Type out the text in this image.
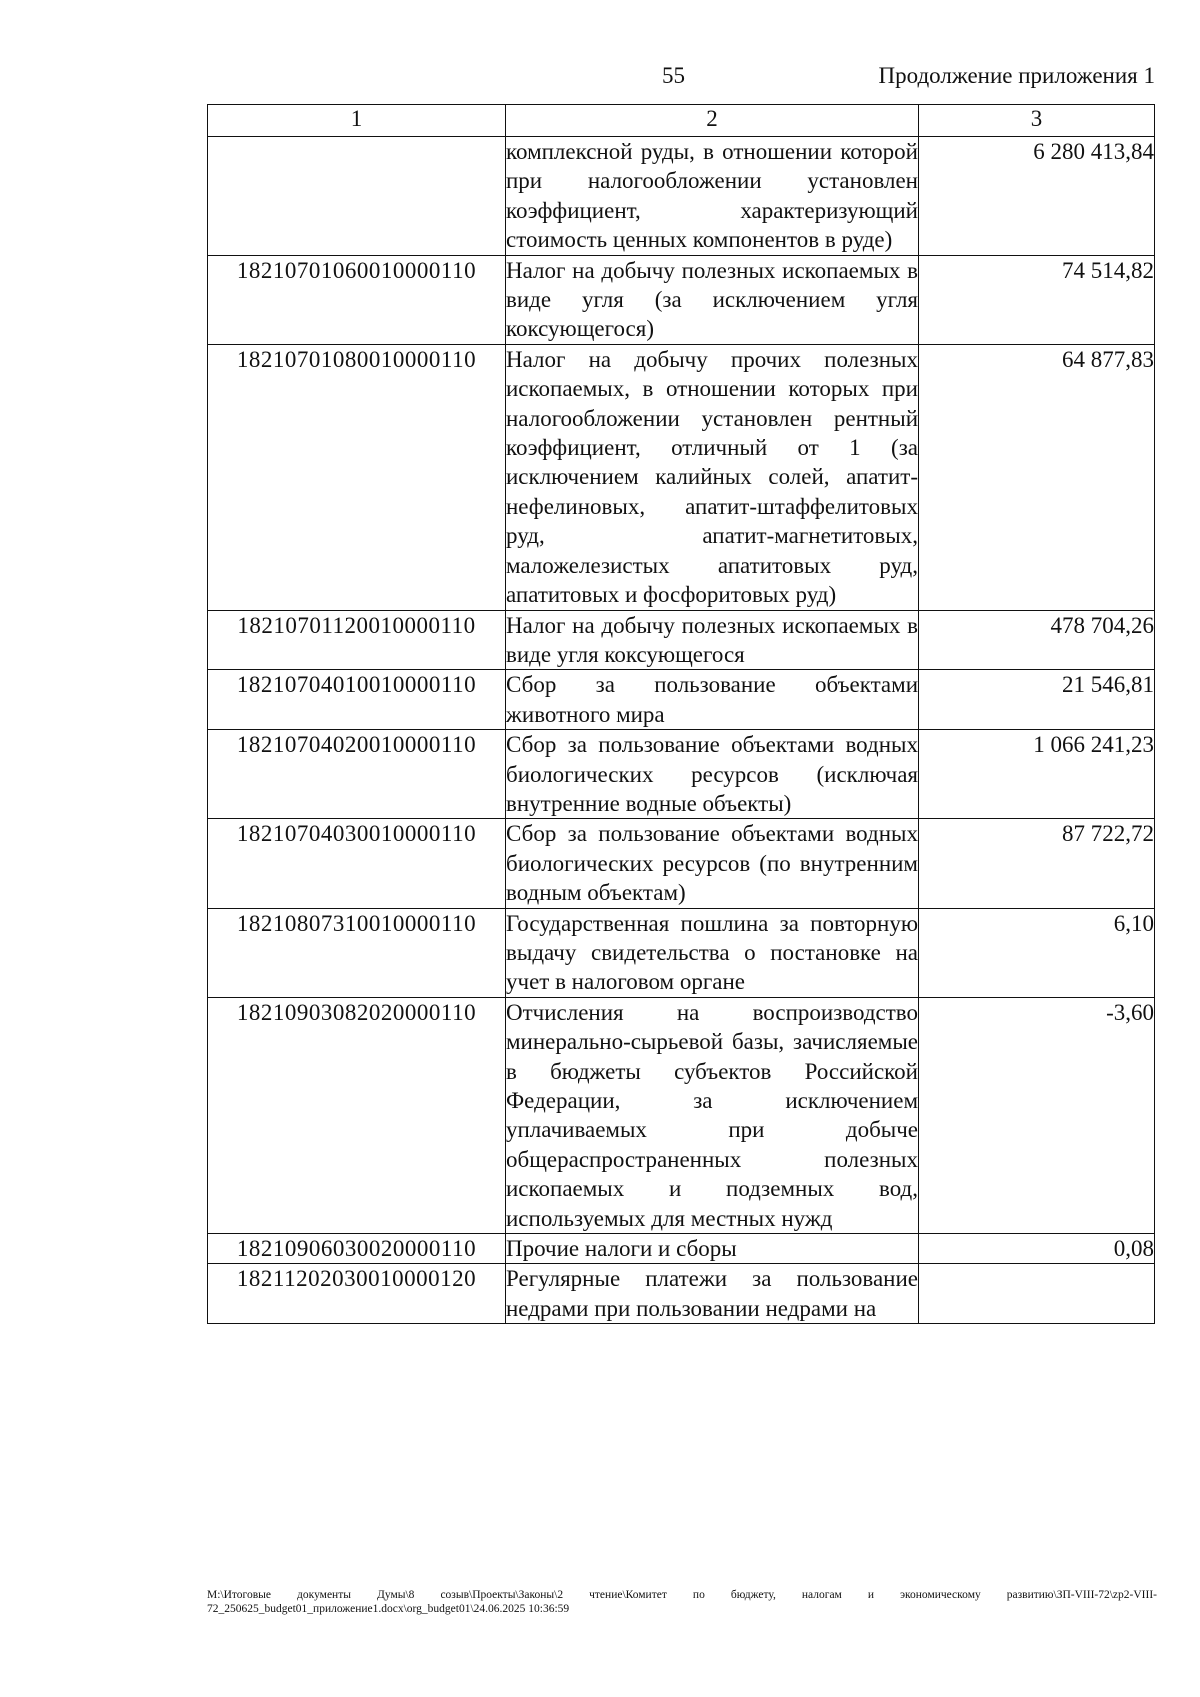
55	Продолжение приложения 1
1	2	3
	комплексной руды, в отношении которой при налогообложении установлен коэффициент, характеризующий стоимость ценных компонентов в руде)	6 280 413,84
18210701060010000110	Налог на добычу полезных ископаемых в виде угля (за исключением угля коксующегося)	74 514,82
18210701080010000110	Налог на добычу прочих полезных ископаемых, в отношении которых при налогообложении установлен рентный коэффициент, отличный от 1 (за исключением калийных солей, апатит-нефелиновых, апатит-штаффелитовых руд, апатит-магнетитовых, маложелезистых апатитовых руд, апатитовых и фосфоритовых руд)	64 877,83
18210701120010000110	Налог на добычу полезных ископаемых в виде угля коксующегося	478 704,26
18210704010010000110	Сбор за пользование объектами животного мира	21 546,81
18210704020010000110	Сбор за пользование объектами водных биологических ресурсов (исключая внутренние водные объекты)	1 066 241,23
18210704030010000110	Сбор за пользование объектами водных биологических ресурсов (по внутренним водным объектам)	87 722,72
18210807310010000110	Государственная пошлина за повторную выдачу свидетельства о постановке на учет в налоговом органе	6,10
18210903082020000110	Отчисления на воспроизводство минерально-сырьевой базы, зачисляемые в бюджеты субъектов Российской Федерации, за исключением уплачиваемых при добыче общераспространенных полезных ископаемых и подземных вод, используемых для местных нужд	-3,60
18210906030020000110	Прочие налоги и сборы	0,08
18211202030010000120	Регулярные платежи за пользование недрами при пользовании недрами на	
M:\Итоговые документы Думы\8 созыв\Проекты\Законы\2 чтение\Комитет по бюджету, налогам и экономическому развитию\ЗП-VIII-72\zp2-VIII-72_250625_budget01_приложение1.docx\org_budget01\24.06.2025 10:36:59
